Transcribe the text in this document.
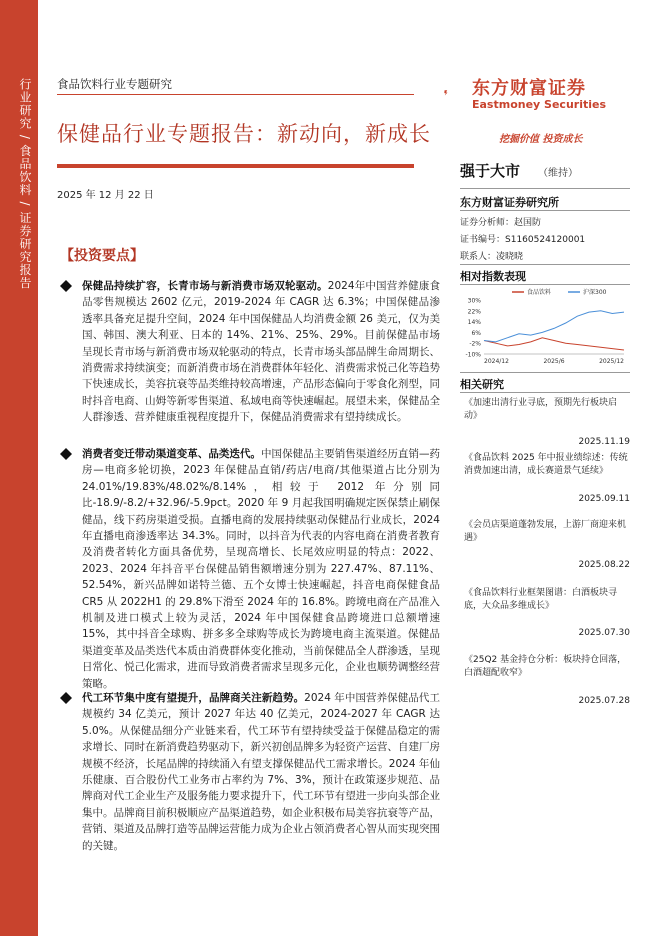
行业研究 / 食品饮料 / 证券研究报告 食品饮料行业专题研究
保健品行业专题报告：新动向，新成长
2025 年 12 月 22 日
东方财富证券
Eastmoney Securities
挖掘价值 投资成长
【投资要点】
保健品持续扩容，长青市场与新消费市场双轮驱动。2024年中国营养健康食品零售规模达 2602 亿元，2019-2024 年 CAGR 达 6.3%；中国保健品渗透率具备充足提升空间，2024 年中国保健品人均消费金额 26 美元，仅为美国、韩国、澳大利亚、日本的 14%、21%、25%、29%。目前保健品市场呈现长青市场与新消费市场双轮驱动的特点，长青市场头部品牌生命周期长、消费需求持续演变；而新消费市场在消费群体年轻化、消费需求悦己化等趋势下快速成长，美容抗衰等品类维持较高增速，产品形态偏向于零食化剂型，同时抖音电商、山姆等新零售渠道、私域电商等快速崛起。展望未来，保健品全人群渗透、营养健康重视程度提升下，保健品消费需求有望持续成长。
消费者变迁带动渠道变革、品类迭代。中国保健品主要销售渠道经历直销—药房—电商多轮切换，2023 年保健品直销/药店/电商/其他渠道占比分别为 24.01%/19.83%/48.02%/8.14%，相较于 2012 年分别同比-18.9/-8.2/+32.96/-5.9pct。2020 年 9 月起我国明确规定医保禁止刷保健品，线下药房渠道受损。直播电商的发展持续驱动保健品行业成长，2024 年直播电商渗透率达 34.3%。同时，以抖音为代表的内容电商在消费者教育及消费者转化方面具备优势，呈现高增长、长尾效应明显的特点：2022、2023、2024 年抖音平台保健品销售额增速分别为 227.47%、87.11%、52.54%，新兴品牌如诺特兰德、五个女博士快速崛起，抖音电商保健食品 CR5 从 2022H1 的 29.8%下滑至 2024 年的 16.8%。跨境电商在产品准入机制及进口模式上较为灵活，2024 年中国保健食品跨境进口总额增速 15%，其中抖音全球购、拼多多全球购等成长为跨境电商主流渠道。保健品渠道变革及品类迭代本质由消费群体变化推动，当前保健品全人群渗透，呈现日常化、悦己化需求，进而导致消费者需求呈现多元化，企业也顺势调整经营策略。
代工环节集中度有望提升，品牌商关注新趋势。2024 年中国营养保健品代工规模约 34 亿美元，预计 2027 年达 40 亿美元，2024-2027 年 CAGR 达 5.0%。从保健品细分产业链来看，代工环节有望持续受益于保健品稳定的需求增长、同时在新消费趋势驱动下，新兴初创品牌多为轻资产运营、自建厂房规模不经济，长尾品牌的持续涌入有望支撑保健品代工需求增长。2024 年仙乐健康、百合股份代工业务市占率约为 7%、3%，预计在政策逐步规范、品牌商对代工企业生产及服务能力要求提升下，代工环节有望进一步向头部企业集中。品牌商目前积极顺应产品渠道趋势，如企业积极布局美容抗衰等产品，营销、渠道及品牌打造等品牌运营能力成为企业占领消费者心智从而实现突围的关键。
强于大市 （维持）
东方财富证券研究所
证券分析师：赵国防
证书编号：S1160524120001
联系人：凌晓晓
相对指数表现
30%
22%
14%
6%
-2%
-10%
2024/12	2025/6	2025/12
食品饮料	沪深300
相关研究
《加速出清行业寻底，预期先行板块启动》
2025.11.19
《食品饮料 2025 年中报业绩综述：传统消费加速出清，成长赛道景气延续》
2025.09.11
《会员店渠道蓬勃发展，上游厂商迎来机遇》
2025.08.22
《食品饮料行业框架图谱：白酒板块寻底，大众品多维成长》
2025.07.30
《25Q2 基金持仓分析：板块持仓回落，白酒超配收窄》
2025.07.28
